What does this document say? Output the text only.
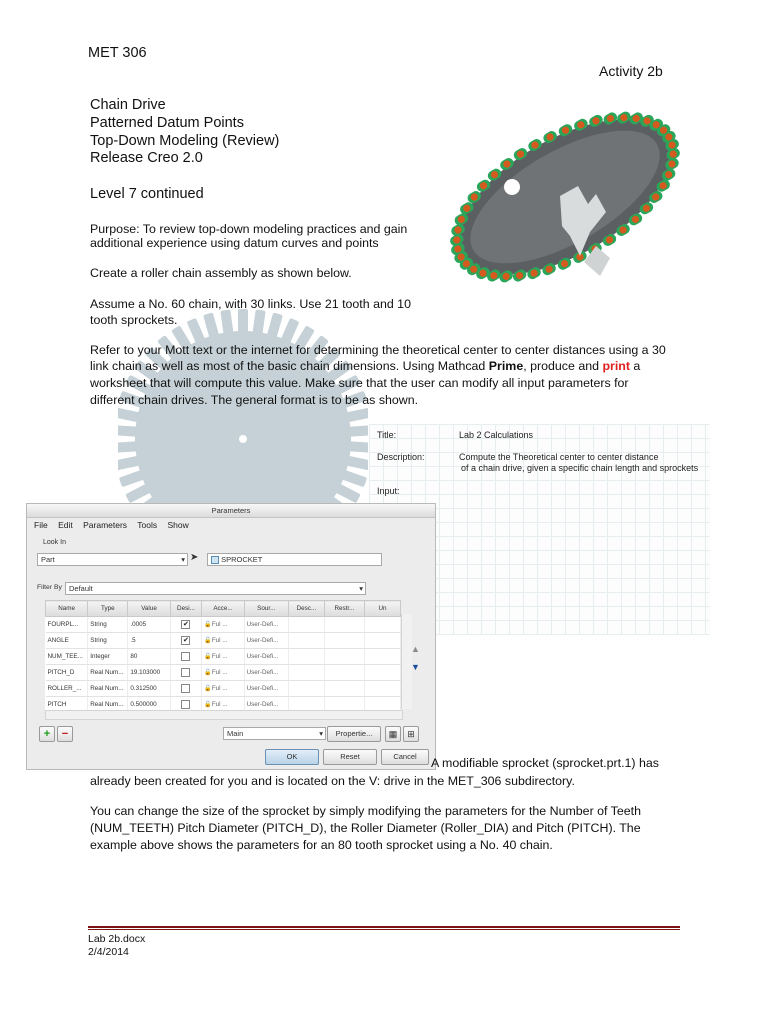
MET 306
Activity 2b
Chain Drive
Patterned Datum Points
Top-Down Modeling (Review)
Release Creo 2.0
Level 7 continued
Purpose: To review top-down modeling practices and gain
additional experience using datum curves and points
Create a roller chain assembly as shown below.
Assume a No. 60 chain, with 30 links. Use 21 tooth and 10
tooth sprockets.
Refer to your Mott text or the internet for determining the theoretical center to center distances using a 30
link chain as well as most of the basic chain dimensions. Using Mathcad Prime, produce and print a
worksheet that will compute this value. Make sure that the user can modify all input parameters for
different chain drives. The general format is to be as shown.
Title:	Lab 2 Calculations
Description:	Compute the Theoretical center to center distance
of a chain drive, given a specific chain length and sprockets
Input:
Parameters
File Edit Parameters Tools Show
Look In
Part	▾ ➤	SPROCKET
Filter By Default	▾
Name	Type	Value	Desi...	Acce...	Sour...	Desc...	Restr...	Un
FOURPL...	String	.0005	✔	🔓Ful ...	User-Defi...			
ANGLE	String	.5	✔	🔓Ful ...	User-Defi...			
NUM_TEE...	Integer	80		🔓Ful ...	User-Defi...			
PITCH_D	Real Num...	19.103000		🔓Ful ...	User-Defi...			
ROLLER_...	Real Num...	0.312500		🔓Ful ...	User-Defi...			
PITCH	Real Num...	0.500000		🔓Ful ...	User-Defi...			
▲
▼
+	−	Main	▾	Propertie...	▦	⊞
OK	Reset	Cancel	A modifiable sprocket (sprocket.prt.1) has
already been created for you and is located on the V: drive in the MET_306 subdirectory.
You can change the size of the sprocket by simply modifying the parameters for the Number of Teeth
(NUM_TEETH) Pitch Diameter (PITCH_D), the Roller Diameter (Roller_DIA) and Pitch (PITCH). The
example above shows the parameters for an 80 tooth sprocket using a No. 40 chain.
Lab 2b.docx
2/4/2014
